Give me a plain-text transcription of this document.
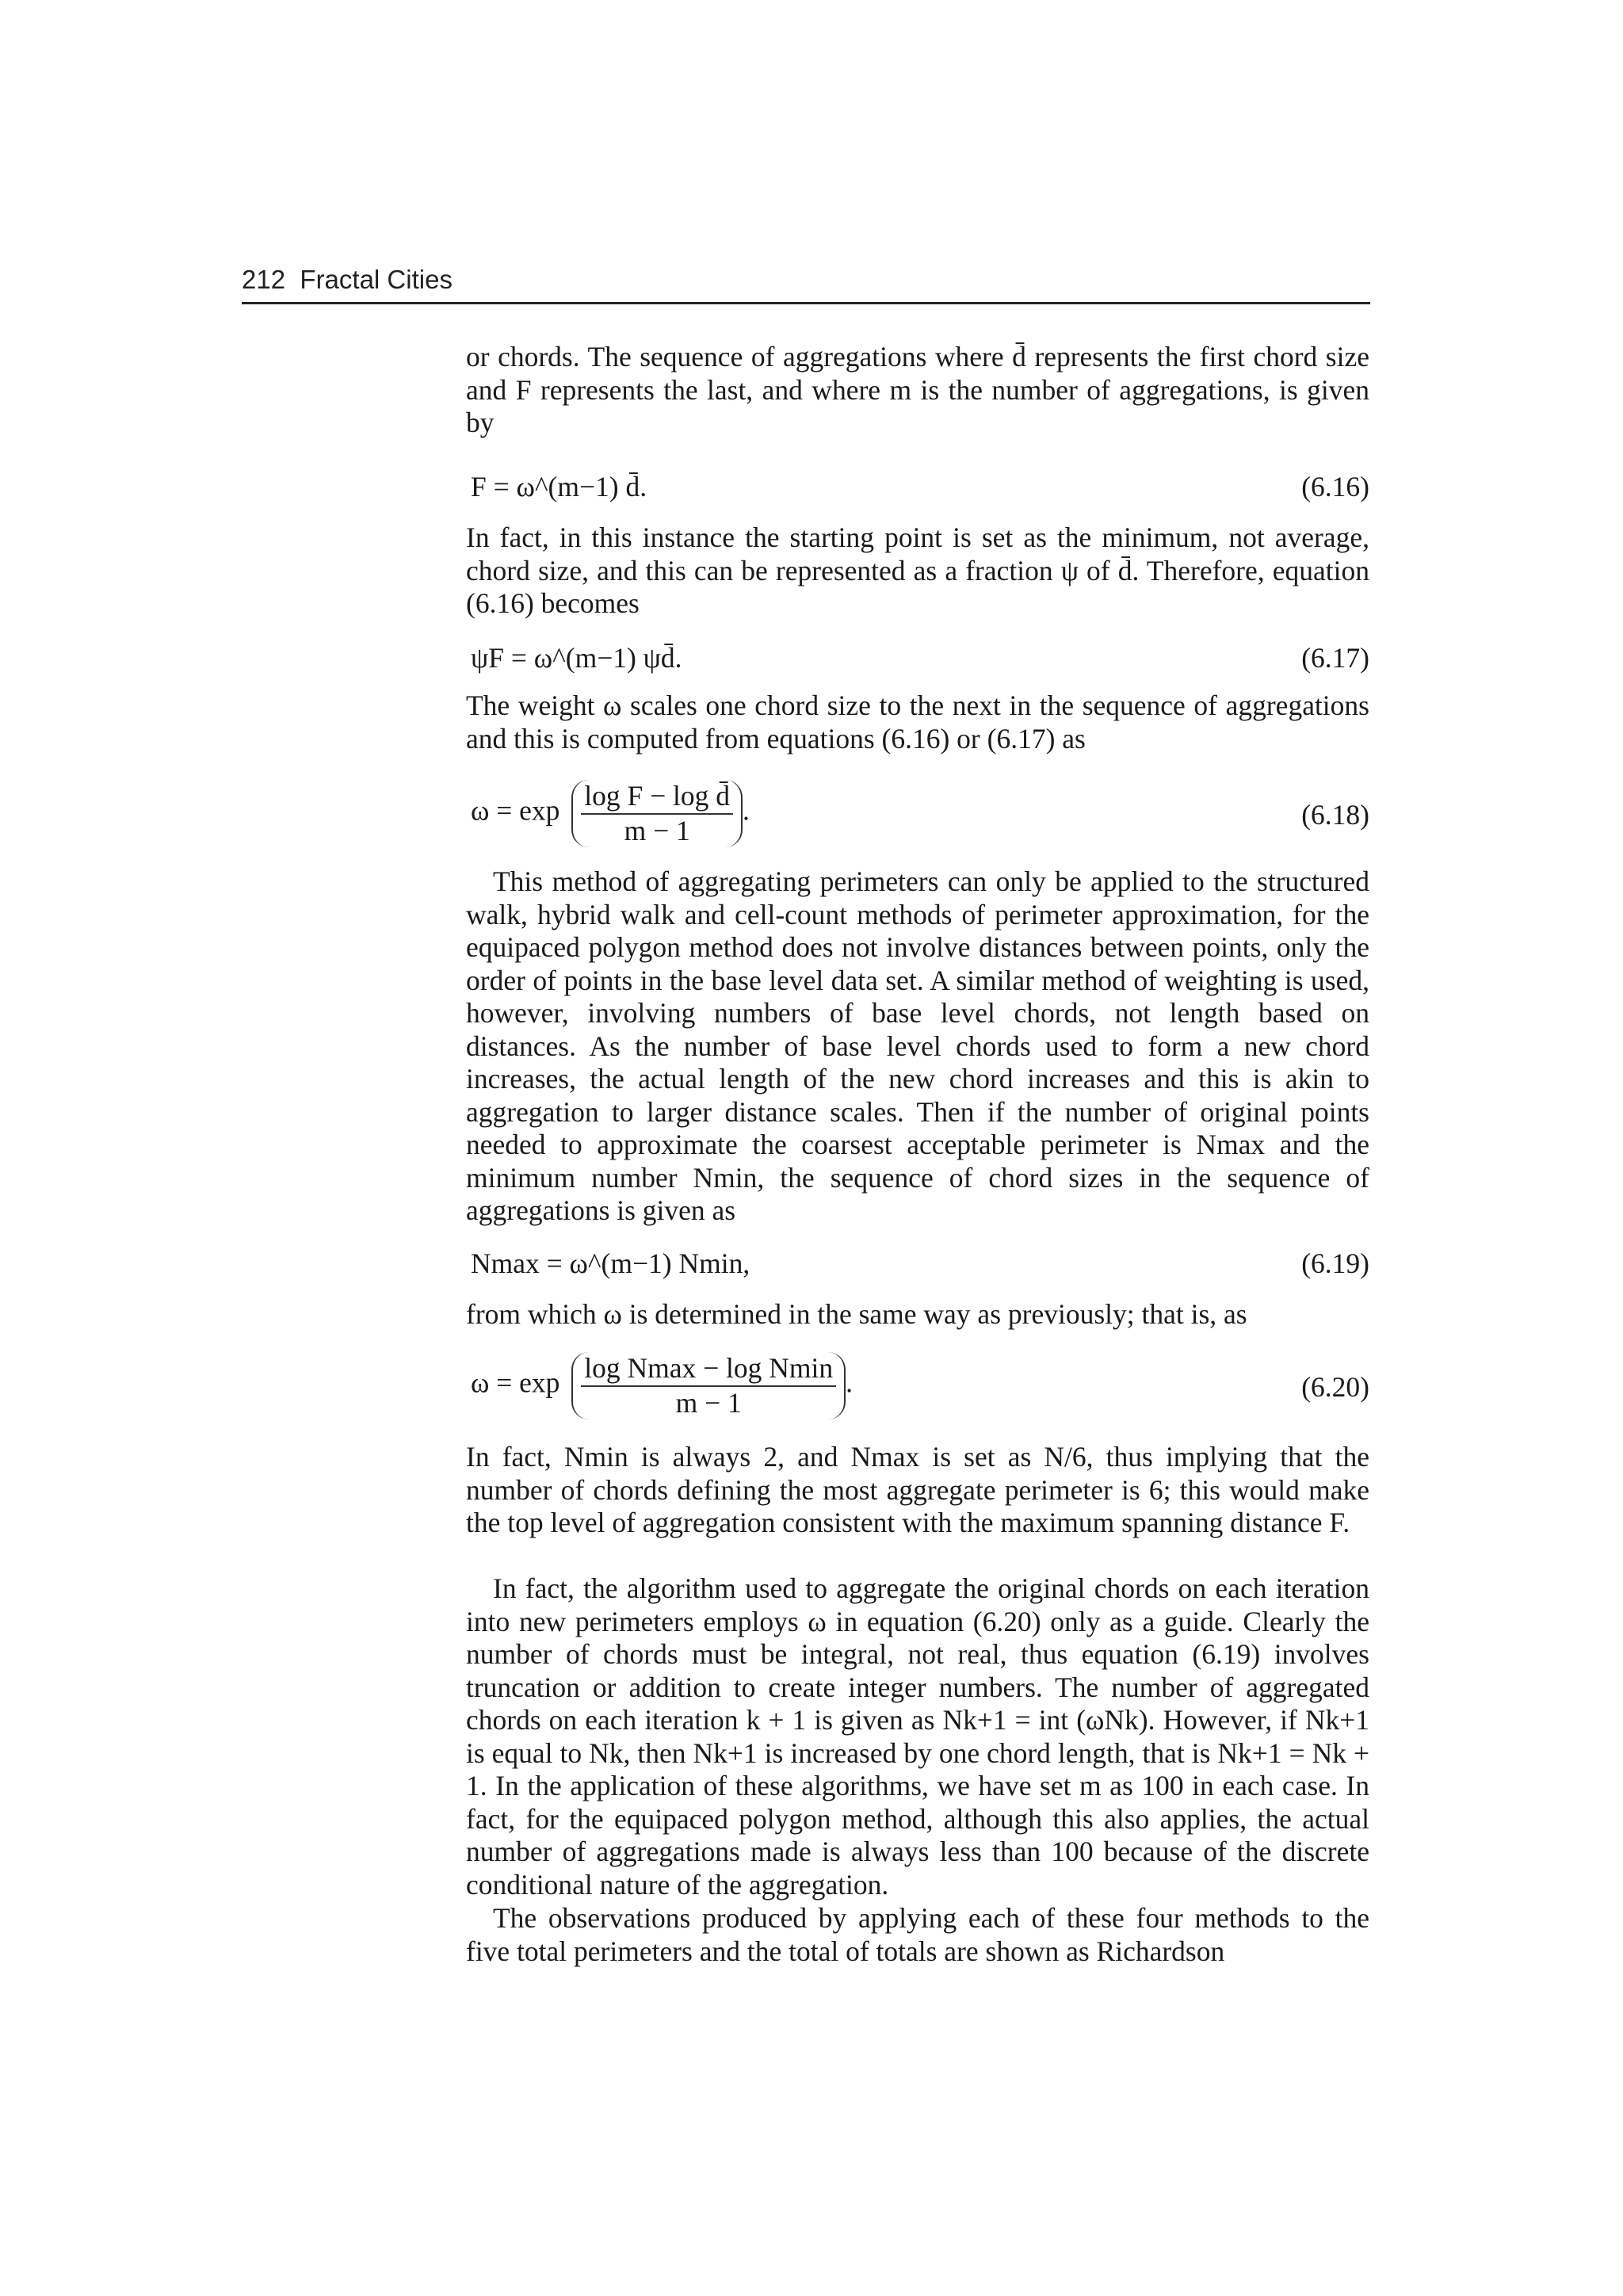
212 Fractal Cities

or chords. The sequence of aggregations where d̄ represents the first chord size and F represents the last, and where m is the number of aggregations, is given by

F = ω^(m−1) d̄.	(6.16)

In fact, in this instance the starting point is set as the minimum, not average, chord size, and this can be represented as a fraction ψ of d̄. Therefore, equation (6.16) becomes

ψF = ω^(m−1) ψd̄.	(6.17)

The weight ω scales one chord size to the next in the sequence of aggregations and this is computed from equations (6.16) or (6.17) as

$\omega = \exp \frac{\text{log F − log d̄}}{m - 1}$ .	(6.18)

This method of aggregating perimeters can only be applied to the structured walk, hybrid walk and cell-count methods of perimeter approximation, for the equipaced polygon method does not involve distances between points, only the order of points in the base level data set. A similar method of weighting is used, however, involving numbers of base level chords, not length based on distances. As the number of base level chords used to form a new chord increases, the actual length of the new chord increases and this is akin to aggregation to larger distance scales. Then if the number of original points needed to approximate the coarsest acceptable perimeter is Nmax and the minimum number Nmin, the sequence of chord sizes in the sequence of aggregations is given as

Nmax = ω^(m−1) Nmin,	(6.19)

from which ω is determined in the same way as previously; that is, as

$\omega = \exp \frac{\text{log Nmax − log Nmin}}{m - 1}$ .	(6.20)

In fact, Nmin is always 2, and Nmax is set as N/6, thus implying that the number of chords defining the most aggregate perimeter is 6; this would make the top level of aggregation consistent with the maximum spanning distance F.

In fact, the algorithm used to aggregate the original chords on each iteration into new perimeters employs ω in equation (6.20) only as a guide. Clearly the number of chords must be integral, not real, thus equation (6.19) involves truncation or addition to create integer numbers. The number of aggregated chords on each iteration k + 1 is given as Nk+1 = int (ωNk). However, if Nk+1 is equal to Nk, then Nk+1 is increased by one chord length, that is Nk+1 = Nk + 1. In the application of these algorithms, we have set m as 100 in each case. In fact, for the equipaced polygon method, although this also applies, the actual number of aggregations made is always less than 100 because of the discrete conditional nature of the aggregation.

The observations produced by applying each of these four methods to the five total perimeters and the total of totals are shown as Richardson
